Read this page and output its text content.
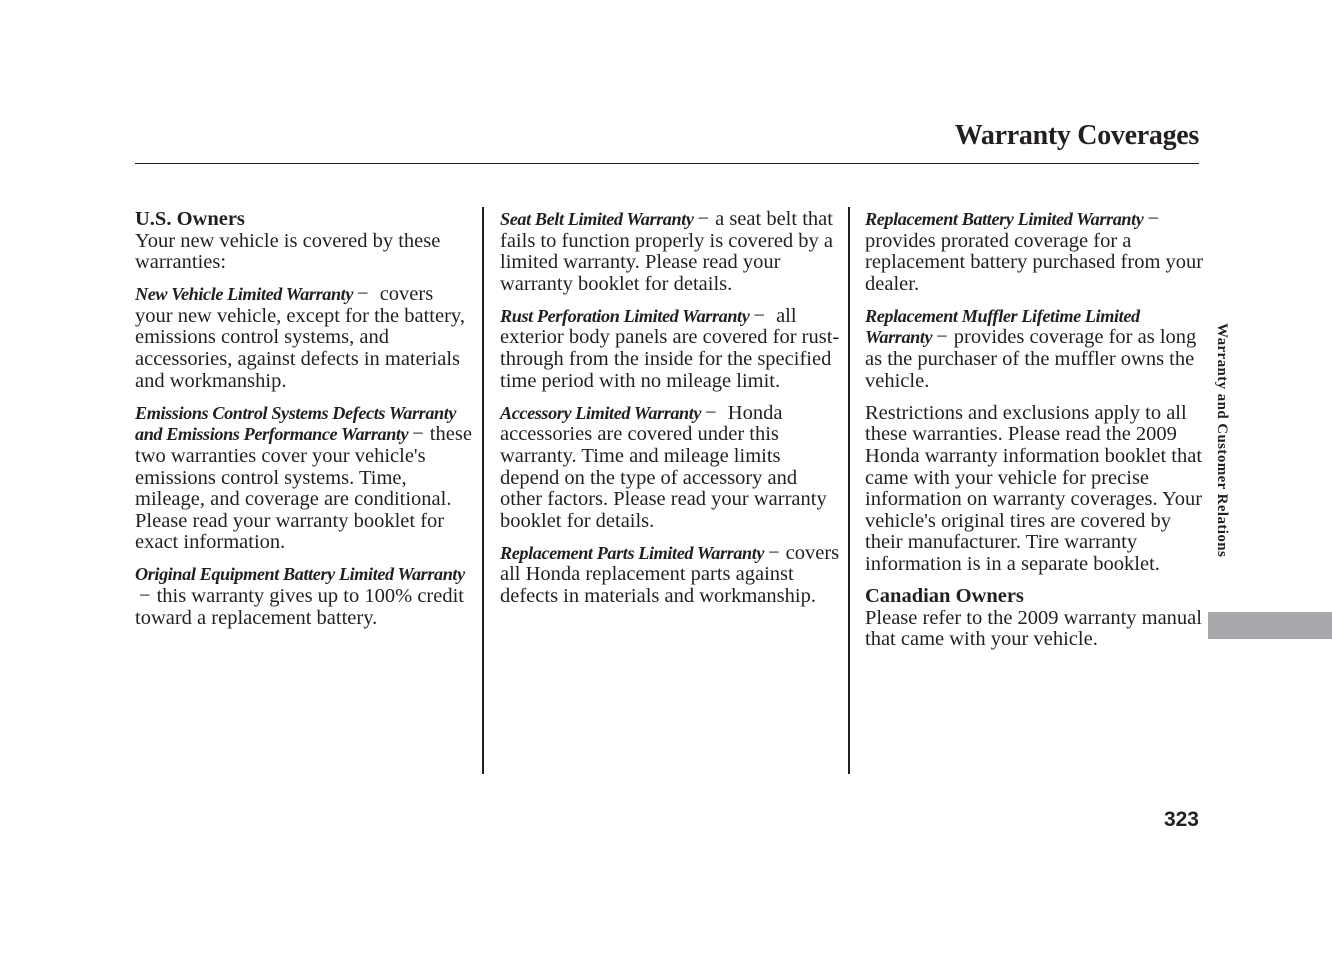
Warranty Coverages

U.S. Owners
Your new vehicle is covered by these warranties:

New Vehicle Limited Warranty − covers your new vehicle, except for the battery, emissions control systems, and accessories, against defects in materials and workmanship.

Emissions Control Systems Defects Warranty and Emissions Performance Warranty − these two warranties cover your vehicle's emissions control systems. Time, mileage, and coverage are conditional. Please read your warranty booklet for exact information.

Original Equipment Battery Limited Warranty− this warranty gives up to 100% credit toward a replacement battery.

Seat Belt Limited Warranty − a seat belt that fails to function properly is covered by a limited warranty. Please read your warranty booklet for details.

Rust Perforation Limited Warranty − all exterior body panels are covered for rust-through from the inside for the specified time period with no mileage limit.

Accessory Limited Warranty − Honda accessories are covered under this warranty. Time and mileage limits depend on the type of accessory and other factors. Please read your warranty booklet for details.

Replacement Parts Limited Warranty − covers all Honda replacement parts against defects in materials and workmanship.

Replacement Battery Limited Warranty −provides prorated coverage for a replacement battery purchased from your dealer.

Replacement Muffler Lifetime Limited Warranty − provides coverage for as long as the purchaser of the muffler owns the vehicle.

Restrictions and exclusions apply to all these warranties. Please read the 2009 Honda warranty information booklet that came with your vehicle for precise information on warranty coverages. Your vehicle's original tires are covered by their manufacturer. Tire warranty information is in a separate booklet.

Canadian Owners
Please refer to the 2009 warranty manual that came with your vehicle.

Warranty and Customer Relations
323
